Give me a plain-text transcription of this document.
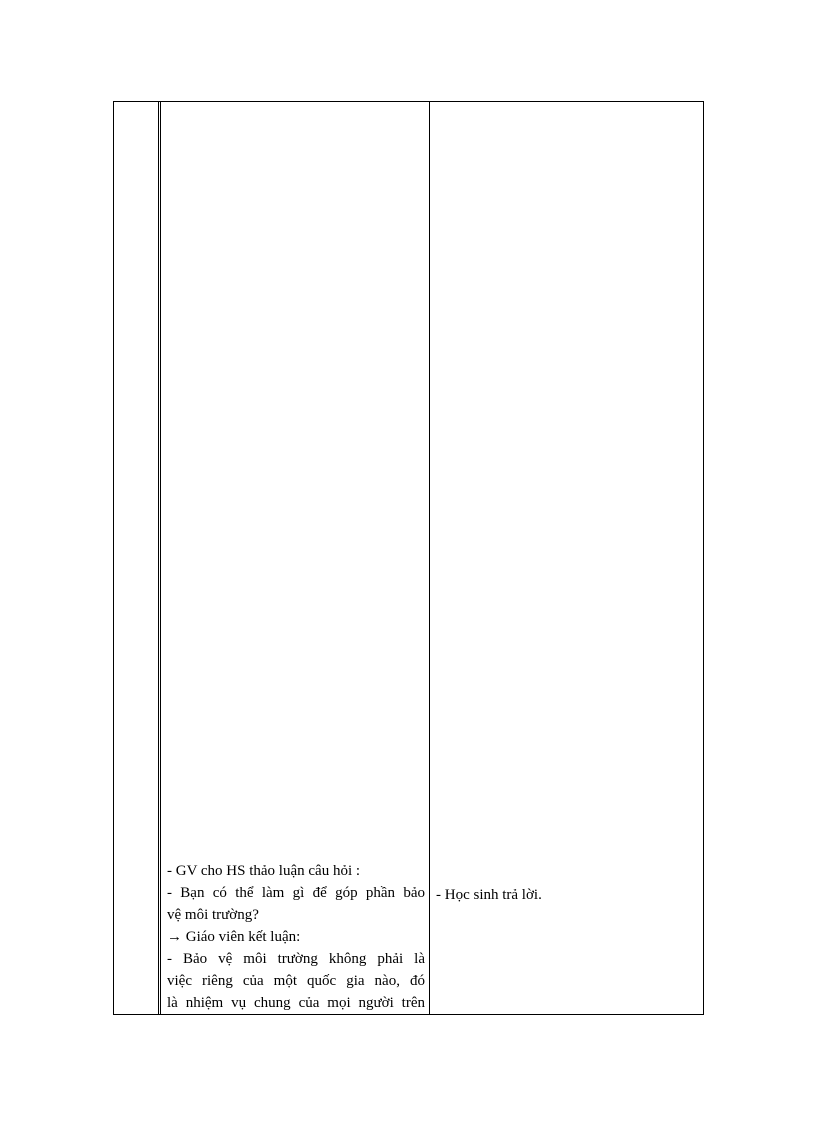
- GV cho HS thảo luận câu hỏi :
- Bạn có thể làm gì để góp phần bảo
vệ môi trường?
→ Giáo viên kết luận:
- Bảo vệ môi trường không phải là
việc riêng của một quốc gia nào, đó
là nhiệm vụ chung của mọi người trên
- Học sinh trả lời.
